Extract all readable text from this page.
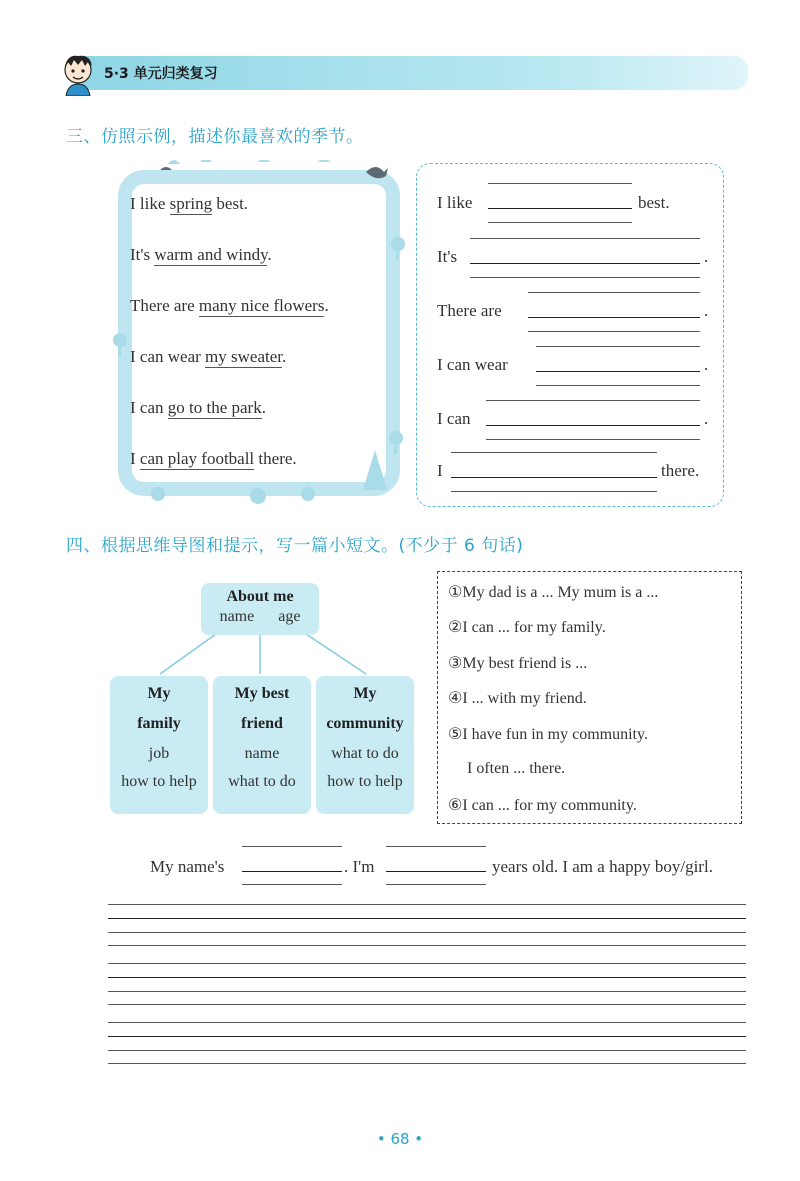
5·3 单元归类复习
三、仿照示例，描述你最喜欢的季节。
I like spring best.
It's warm and windy.
There are many nice flowers.
I can wear my sweater.
I can go to the park.
I can play football there.
I like	best.
It's	.
There are	.
I can wear	.
I can	.
I	there.
四、根据思维导图和提示，写一篇小短文。(不少于 6 句话)
About me
name age
My
family
job
how to help
My best
friend
name
what to do
My
community
what to do
how to help
①My dad is a ... My mum is a ...
②I can ... for my family.
③My best friend is ...
④I ... with my friend.
⑤I have fun in my community.
I often ... there.
⑥I can ... for my community.
My name's	. I'm	years old. I am a happy boy/girl.
• 68 •
